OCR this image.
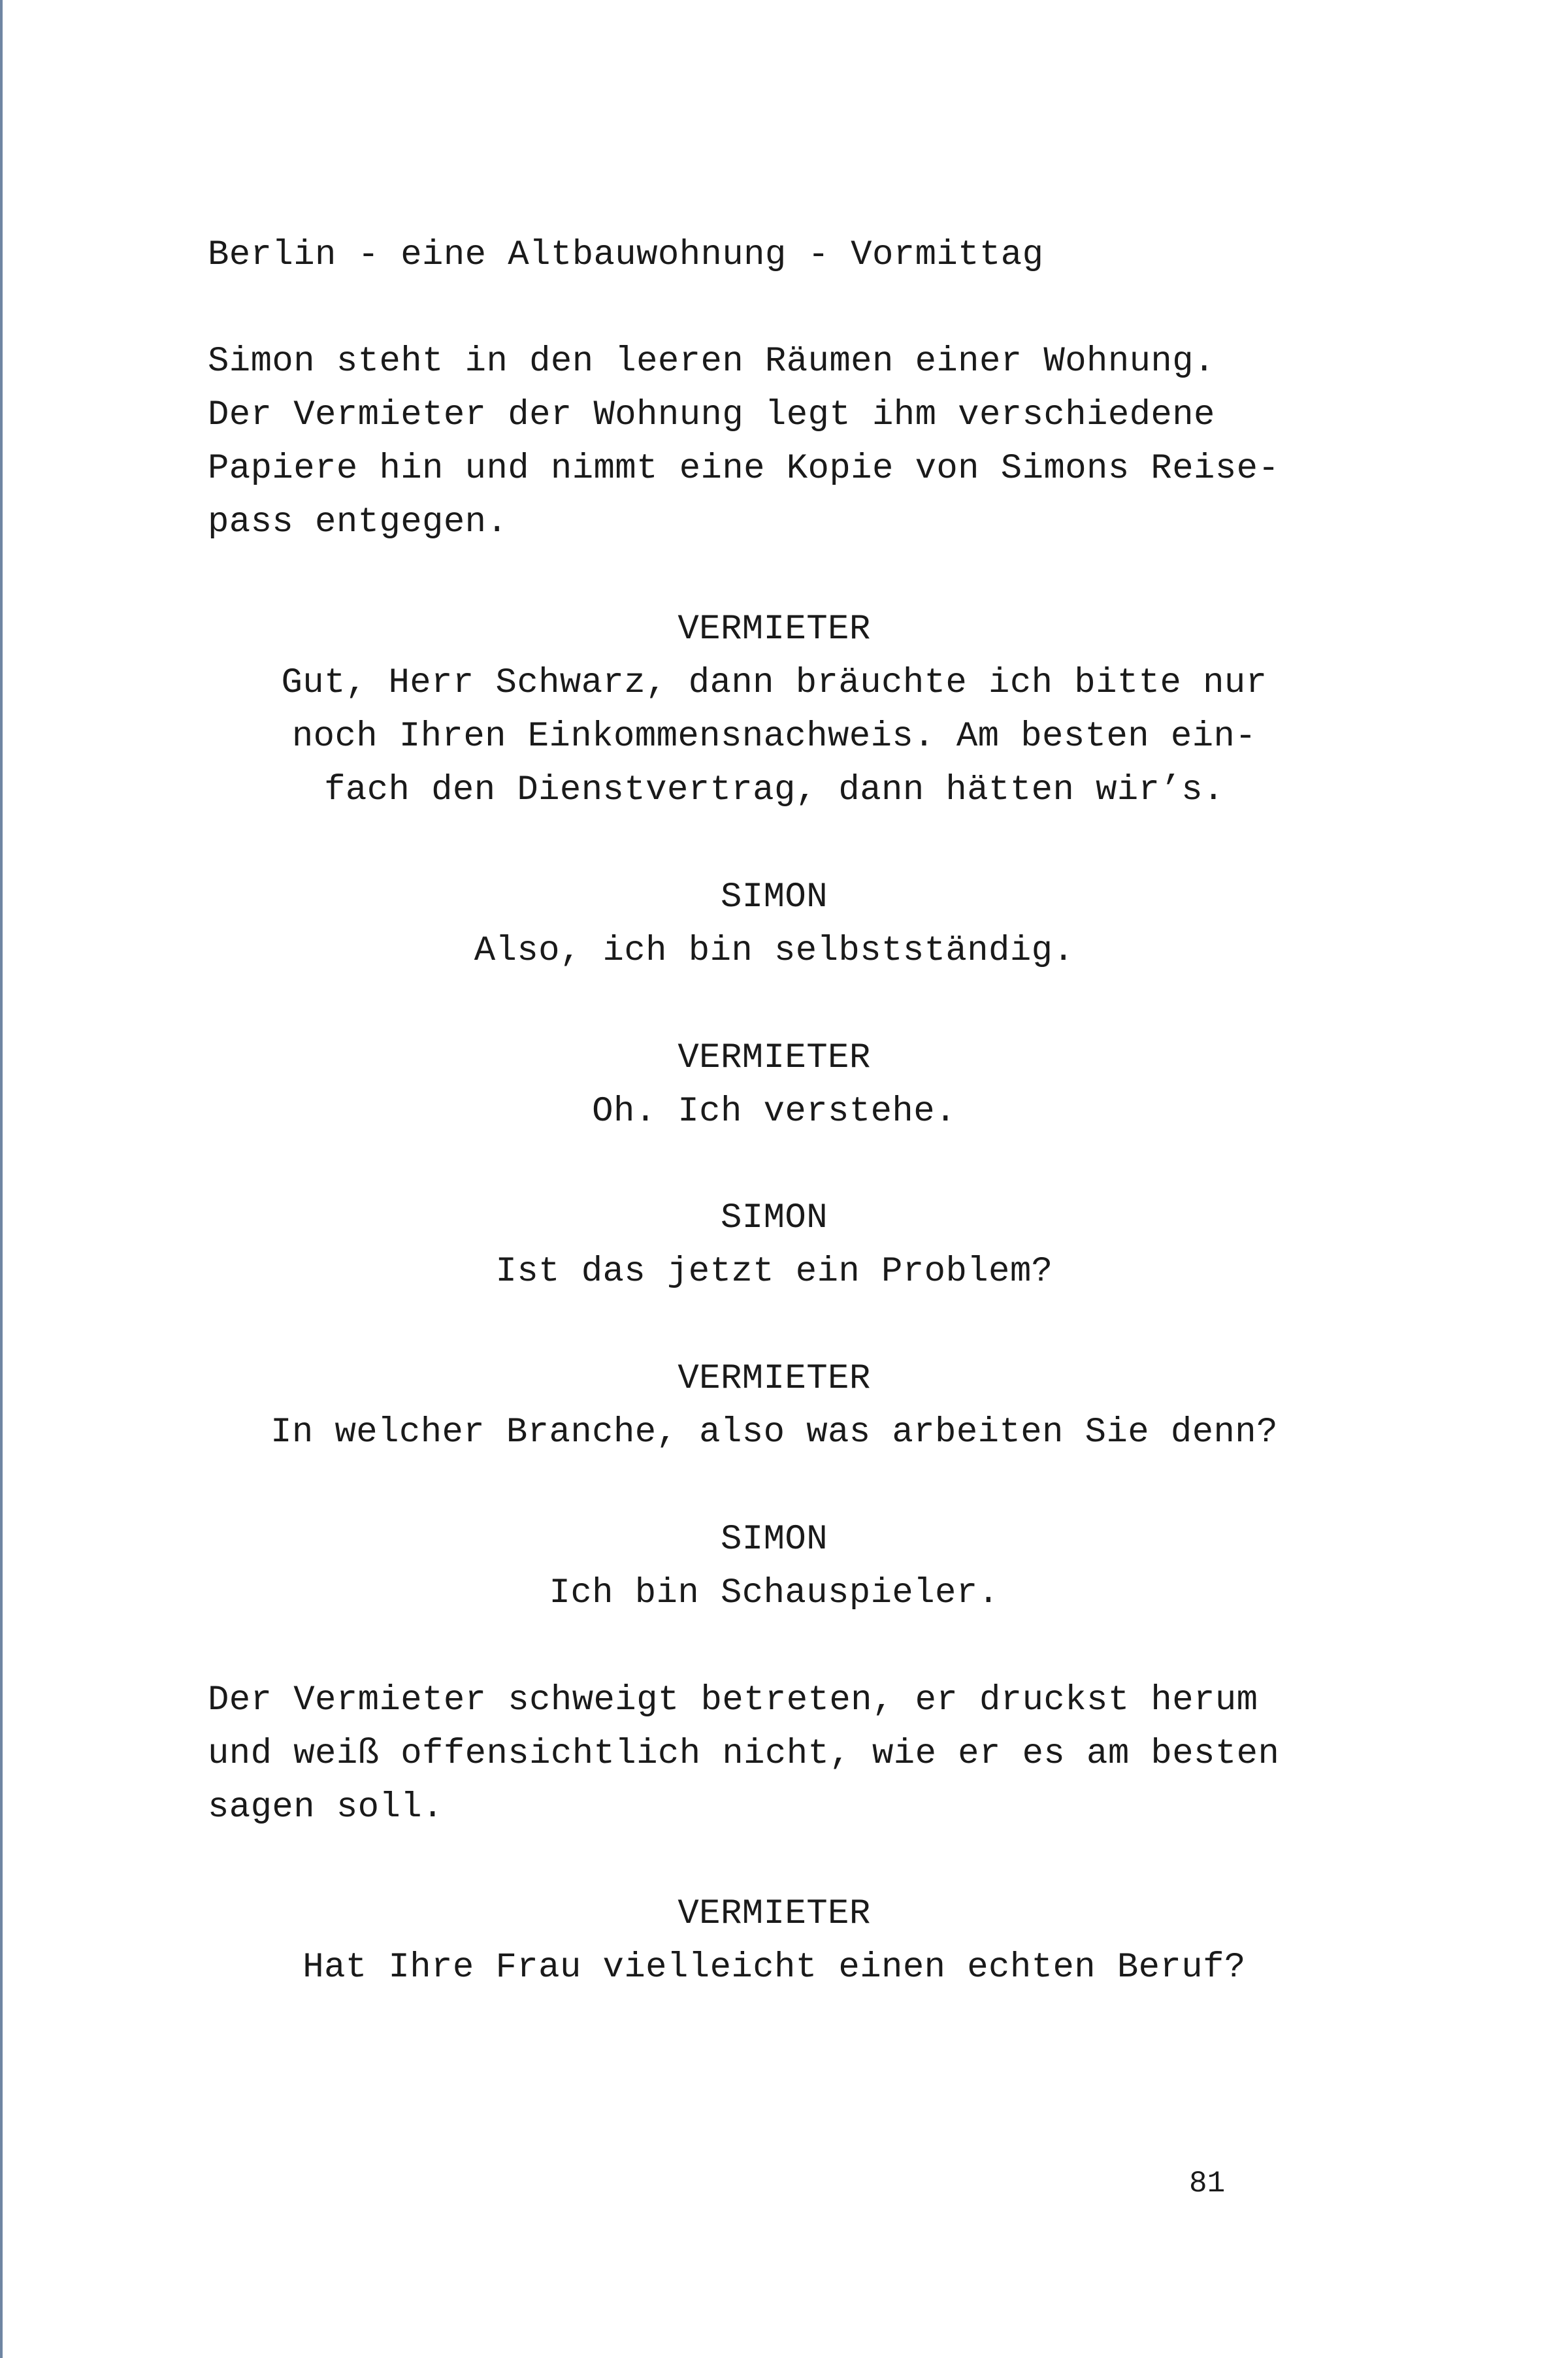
Berlin - eine Altbauwohnung - Vormittag

Simon steht in den leeren Räumen einer Wohnung.

Der Vermieter der Wohnung legt ihm verschiedene

Papiere hin und nimmt eine Kopie von Simons Reise-

pass entgegen.

VERMIETER

Gut, Herr Schwarz, dann bräuchte ich bitte nur

noch Ihren Einkommensnachweis. Am besten ein-

fach den Dienstvertrag, dann hätten wir’s.

SIMON

Also, ich bin selbstständig.

VERMIETER

Oh. Ich verstehe.

SIMON

Ist das jetzt ein Problem?

VERMIETER

In welcher Branche, also was arbeiten Sie denn?

SIMON

Ich bin Schauspieler.

Der Vermieter schweigt betreten, er druckst herum

und weiß offensichtlich nicht, wie er es am besten

sagen soll.

VERMIETER

Hat Ihre Frau vielleicht einen echten Beruf?

81
